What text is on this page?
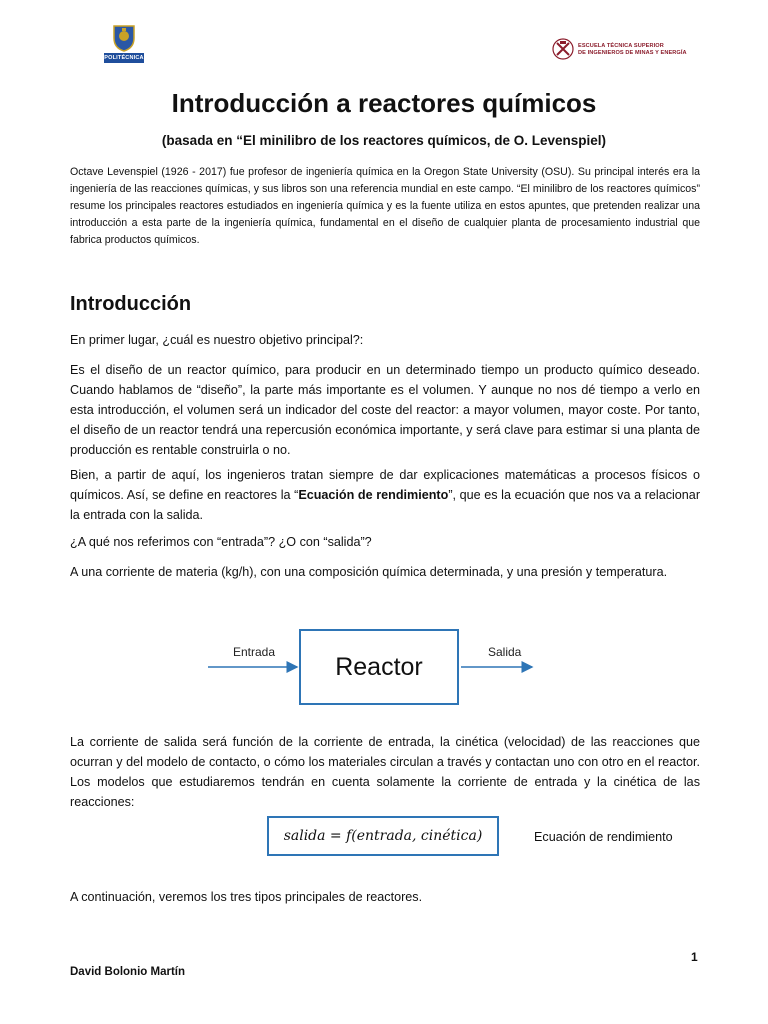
POLITÉCNICA
ESCUELA TÉCNICA SUPERIOR
DE INGENIEROS DE MINAS Y ENERGÍA
Introducción a reactores químicos

(basada en “El minilibro de los reactores químicos, de O. Levenspiel)

Octave Levenspiel (1926 - 2017) fue profesor de ingeniería química en la Oregon State University (OSU). Su principal interés era la ingeniería de las reacciones químicas, y sus libros son una referencia mundial en este campo. “El minilibro de los reactores químicos” resume los principales reactores estudiados en ingeniería química y es la fuente utiliza en estos apuntes, que pretenden realizar una introducción a esta parte de la ingeniería química, fundamental en el diseño de cualquier planta de procesamiento industrial que fabrica productos químicos.

Introducción

En primer lugar, ¿cuál es nuestro objetivo principal?:

Es el diseño de un reactor químico, para producir en un determinado tiempo un producto químico deseado. Cuando hablamos de “diseño”, la parte más importante es el volumen. Y aunque no nos dé tiempo a verlo en esta introducción, el volumen será un indicador del coste del reactor: a mayor volumen, mayor coste. Por tanto, el diseño de un reactor tendrá una repercusión económica importante, y será clave para estimar si una planta de producción es rentable construirla o no.

Bien, a partir de aquí, los ingenieros tratan siempre de dar explicaciones matemáticas a procesos físicos o químicos. Así, se define en reactores la “Ecuación de rendimiento”, que es la ecuación que nos va a relacionar la entrada con la salida.

¿A qué nos referimos con “entrada”? ¿O con “salida”?

A una corriente de materia (kg/h), con una composición química determinada, y una presión y temperatura.

Entrada
Reactor
Salida

La corriente de salida será función de la corriente de entrada, la cinética (velocidad) de las reacciones que ocurran y del modelo de contacto, o cómo los materiales circulan a través y contactan uno con otro en el reactor. Los modelos que estudiaremos tendrán en cuenta solamente la corriente de entrada y la cinética de las reacciones:

salida = f(entrada, cinética)	Ecuación de rendimiento

A continuación, veremos los tres tipos principales de reactores.

1
David Bolonio Martín
